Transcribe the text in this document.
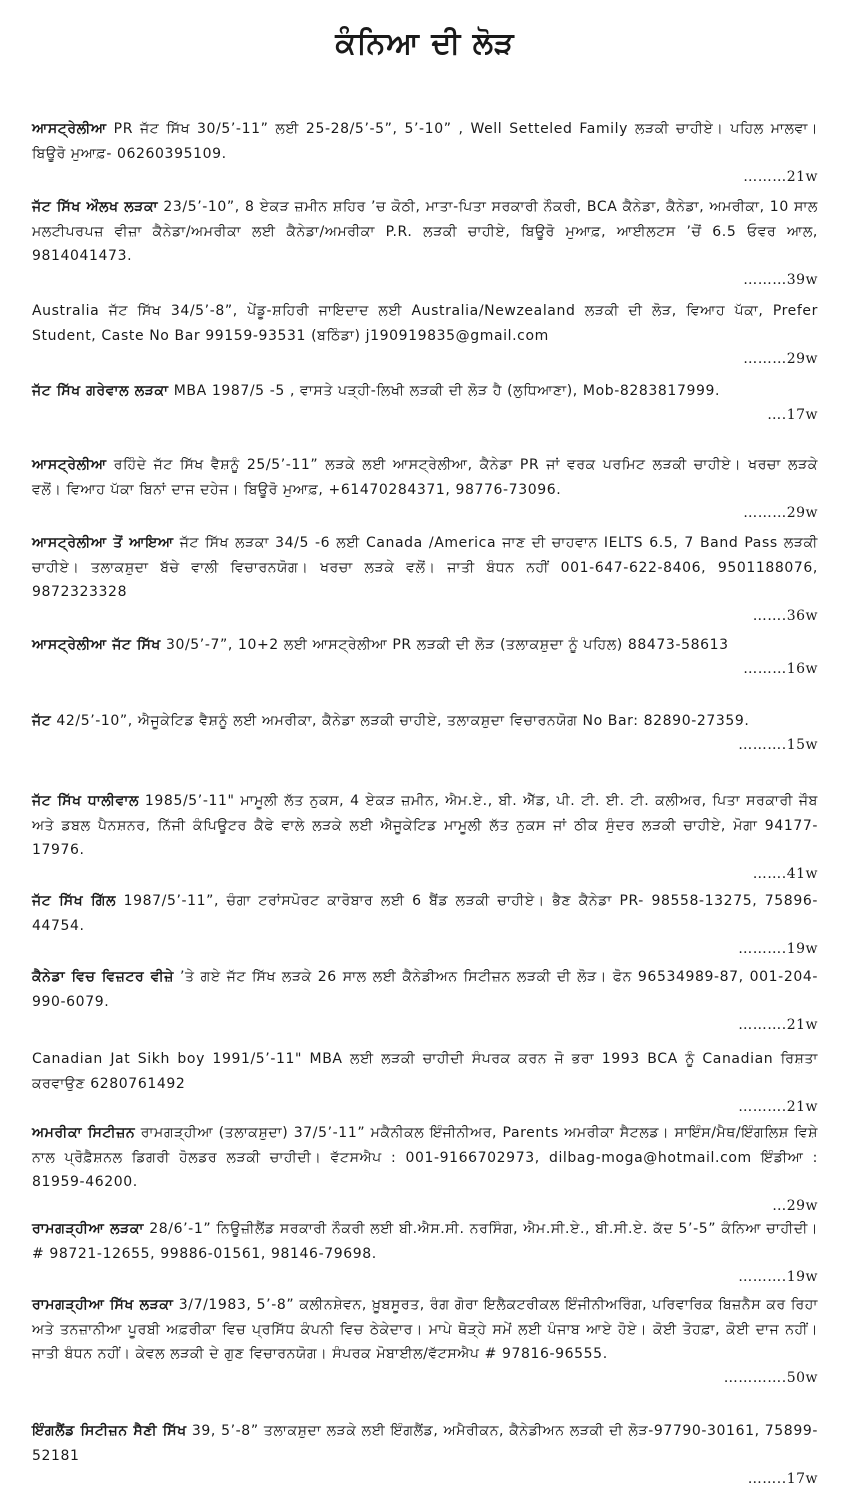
ਕੰਨਿਆ ਦੀ ਲੋੜ

ਆਸਟ੍ਰੇਲੀਆ PR ਜੱਟ ਸਿੱਖ 30/5’-11” ਲਈ 25-28/5’-5”, 5’-10” , Well Setteled Family ਲੜਕੀ ਚਾਹੀਏ। ਪਹਿਲ ਮਾਲਵਾ। ਬਿਊਰੋ ਮੁਆਫ਼- 06260395109.

………21w

ਜੱਟ ਸਿੱਖ ਔਲਖ ਲੜਕਾ 23/5’-10”, 8 ਏਕੜ ਜ਼ਮੀਨ ਸ਼ਹਿਰ ’ਚ ਕੋਠੀ, ਮਾਤਾ-ਪਿਤਾ ਸਰਕਾਰੀ ਨੌਕਰੀ, BCA ਕੈਨੇਡਾ, ਕੈਨੇਡਾ, ਅਮਰੀਕਾ, 10 ਸਾਲ ਮਲਟੀਪਰਪਜ਼ ਵੀਜ਼ਾ ਕੈਨੇਡਾ/ਅਮਰੀਕਾ ਲਈ ਕੈਨੇਡਾ/ਅਮਰੀਕਾ P.R. ਲੜਕੀ ਚਾਹੀਏ, ਬਿਊਰੋ ਮੁਆਫ਼, ਆਈਲਟਸ ’ਚੋਂ 6.5 ਓਵਰ ਆਲ, 9814041473.

………39w

Australia ਜੱਟ ਸਿੱਖ 34/5’-8”, ਪੇਂਡੂ-ਸ਼ਹਿਰੀ ਜਾਇਦਾਦ ਲਈ Australia/Newzealand ਲੜਕੀ ਦੀ ਲੋੜ, ਵਿਆਹ ਪੱਕਾ, Prefer Student, Caste No Bar 99159-93531 (ਬਠਿੰਡਾ) j190919835@gmail.com

………29w

ਜੱਟ ਸਿੱਖ ਗਰੇਵਾਲ ਲੜਕਾ MBA 1987/5 -5 , ਵਾਸਤੇ ਪੜ੍ਹੀ-ਲਿਖੀ ਲੜਕੀ ਦੀ ਲੋੜ ਹੈ (ਲੁਧਿਆਣਾ), Mob-8283817999.

….17w

ਆਸਟ੍ਰੇਲੀਆ ਰਹਿੰਦੇ ਜੱਟ ਸਿੱਖ ਵੈਸ਼ਨੂੰ 25/5’-11” ਲੜਕੇ ਲਈ ਆਸਟ੍ਰੇਲੀਆ, ਕੈਨੇਡਾ PR ਜਾਂ ਵਰਕ ਪਰਮਿਟ ਲੜਕੀ ਚਾਹੀਏ। ਖਰਚਾ ਲੜਕੇ ਵਲੋਂ। ਵਿਆਹ ਪੱਕਾ ਬਿਨਾਂ ਦਾਜ ਦਹੇਜ। ਬਿਊਰੋ ਮੁਆਫ਼, +61470284371, 98776-73096.

………29w

ਆਸਟ੍ਰੇਲੀਆ ਤੋਂ ਆਇਆ ਜੱਟ ਸਿੱਖ ਲੜਕਾ 34/5 -6 ਲਈ Canada /America ਜਾਣ ਦੀ ਚਾਹਵਾਨ IELTS 6.5, 7 Band Pass ਲੜਕੀ ਚਾਹੀਏ। ਤਲਾਕਸ਼ੁਦਾ ਬੱਚੇ ਵਾਲੀ ਵਿਚਾਰਨਯੋਗ। ਖਰਚਾ ਲੜਕੇ ਵਲੋਂ। ਜਾਤੀ ਬੰਧਨ ਨਹੀਂ 001-647-622-8406, 9501188076, 9872323328

…….36w

ਆਸਟ੍ਰੇਲੀਆ ਜੱਟ ਸਿੱਖ 30/5’-7”, 10+2 ਲਈ ਆਸਟ੍ਰੇਲੀਆ PR ਲੜਕੀ ਦੀ ਲੋੜ (ਤਲਾਕਸ਼ੁਦਾ ਨੂੰ ਪਹਿਲ) 88473-58613

………16w

ਜੱਟ 42/5’-10”, ਐਜੂਕੇਟਿਡ ਵੈਸ਼ਨੂੰ ਲਈ ਅਮਰੀਕਾ, ਕੈਨੇਡਾ ਲੜਕੀ ਚਾਹੀਏ, ਤਲਾਕਸ਼ੁਦਾ ਵਿਚਾਰਨਯੋਗ No Bar: 82890-27359.

……….15w

ਜੱਟ ਸਿੱਖ ਧਾਲੀਵਾਲ 1985/5’-11" ਮਾਮੂਲੀ ਲੱਤ ਨੁਕਸ, 4 ਏਕੜ ਜ਼ਮੀਨ, ਐਮ.ਏ., ਬੀ. ਐੱਡ, ਪੀ. ਟੀ. ਈ. ਟੀ. ਕਲੀਅਰ, ਪਿਤਾ ਸਰਕਾਰੀ ਜੌਬ ਅਤੇ ਡਬਲ ਪੈਨਸ਼ਨਰ, ਨਿੱਜੀ ਕੰਪਿਊਟਰ ਕੈਫੇ ਵਾਲੇ ਲੜਕੇ ਲਈ ਐਜੂਕੇਟਿਡ ਮਾਮੂਲੀ ਲੱਤ ਨੁਕਸ ਜਾਂ ਠੀਕ ਸੁੰਦਰ ਲੜਕੀ ਚਾਹੀਏ, ਮੋਗਾ 94177-17976.

…….41w

ਜੱਟ ਸਿੱਖ ਗਿੱਲ 1987/5’-11”, ਚੰਗਾ ਟਰਾਂਸਪੋਰਟ ਕਾਰੋਬਾਰ ਲਈ 6 ਬੈਂਡ ਲੜਕੀ ਚਾਹੀਏ। ਭੈਣ ਕੈਨੇਡਾ PR- 98558-13275, 75896-44754.

……….19w

ਕੈਨੇਡਾ ਵਿਚ ਵਿਜ਼ਟਰ ਵੀਜ਼ੇ ’ਤੇ ਗਏ ਜੱਟ ਸਿੱਖ ਲੜਕੇ 26 ਸਾਲ ਲਈ ਕੈਨੇਡੀਅਨ ਸਿਟੀਜ਼ਨ ਲੜਕੀ ਦੀ ਲੋੜ। ਫੋਨ 96534989-87, 001-204-990-6079.

……….21w

Canadian Jat Sikh boy 1991/5’-11" MBA ਲਈ ਲੜਕੀ ਚਾਹੀਦੀ ਸੰਪਰਕ ਕਰਨ ਜੋ ਭਰਾ 1993 BCA ਨੂੰ Canadian ਰਿਸ਼ਤਾ ਕਰਵਾਉਣ 6280761492

……….21w

ਅਮਰੀਕਾ ਸਿਟੀਜ਼ਨ ਰਾਮਗੜ੍ਹੀਆ (ਤਲਾਕਸ਼ੁਦਾ) 37/5’-11” ਮਕੈਨੀਕਲ ਇੰਜੀਨੀਅਰ, Parents ਅਮਰੀਕਾ ਸੈਟਲਡ। ਸਾਇੰਸ/ਮੈਥ/ਇੰਗਲਿਸ਼ ਵਿਸ਼ੇ ਨਾਲ ਪ੍ਰੋਫ਼ੈਸ਼ਨਲ ਡਿਗਰੀ ਹੋਲਡਰ ਲੜਕੀ ਚਾਹੀਦੀ। ਵੱਟਸਐਪ : 001-9166702973, dilbag-moga@hotmail.com ਇੰਡੀਆ : 81959-46200.

…29w

ਰਾਮਗੜ੍ਹੀਆ ਲੜਕਾ 28/6’-1” ਨਿਊਜ਼ੀਲੈਂਡ ਸਰਕਾਰੀ ਨੌਕਰੀ ਲਈ ਬੀ.ਐਸ.ਸੀ. ਨਰਸਿੰਗ, ਐਮ.ਸੀ.ਏ., ਬੀ.ਸੀ.ਏ. ਕੱਦ 5’-5” ਕੰਨਿਆ ਚਾਹੀਦੀ। # 98721-12655, 99886-01561, 98146-79698.

……….19w

ਰਾਮਗੜ੍ਹੀਆ ਸਿੱਖ ਲੜਕਾ 3/7/1983, 5’-8” ਕਲੀਨਸ਼ੇਵਨ, ਖ਼ੂਬਸੂਰਤ, ਰੰਗ ਗੋਰਾ ਇਲੈਕਟਰੀਕਲ ਇੰਜੀਨੀਅਰਿੰਗ, ਪਰਿਵਾਰਿਕ ਬਿਜ਼ਨੈਸ ਕਰ ਰਿਹਾ ਅਤੇ ਤਨਜ਼ਾਨੀਆ ਪੂਰਬੀ ਅਫ਼ਰੀਕਾ ਵਿਚ ਪ੍ਰਸਿੱਧ ਕੰਪਨੀ ਵਿਚ ਠੇਕੇਦਾਰ। ਮਾਪੇ ਥੋੜ੍ਹੇ ਸਮੇਂ ਲਈ ਪੰਜਾਬ ਆਏ ਹੋਏ। ਕੋਈ ਤੋਹਫ਼ਾ, ਕੋਈ ਦਾਜ ਨਹੀਂ। ਜਾਤੀ ਬੰਧਨ ਨਹੀਂ। ਕੇਵਲ ਲੜਕੀ ਦੇ ਗੁਣ ਵਿਚਾਰਨਯੋਗ। ਸੰਪਰਕ ਮੋਬਾਈਲ/ਵੱਟਸਐਪ # 97816-96555.

………….50w

ਇੰਗਲੈਂਡ ਸਿਟੀਜ਼ਨ ਸੈਣੀ ਸਿੱਖ 39, 5’-8” ਤਲਾਕਸ਼ੁਦਾ ਲੜਕੇ ਲਈ ਇੰਗਲੈਂਡ, ਅਮੈਰੀਕਨ, ਕੈਨੇਡੀਅਨ ਲੜਕੀ ਦੀ ਲੋੜ-97790-30161, 75899-52181

……..17w
